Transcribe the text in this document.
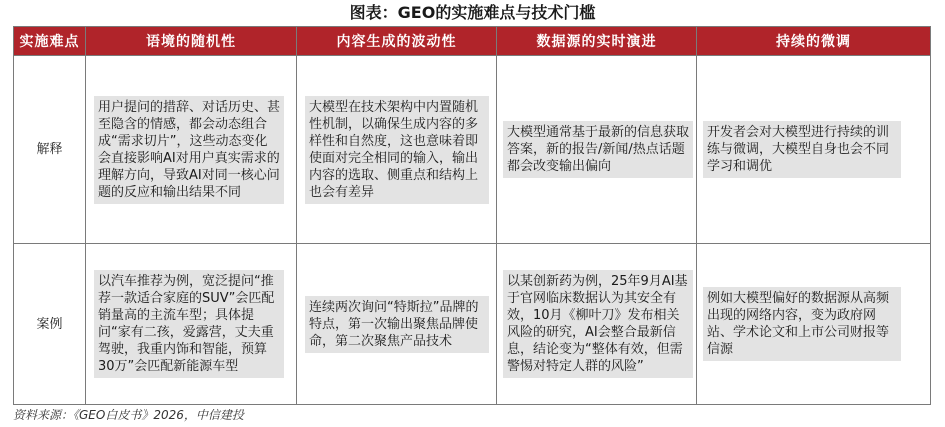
图表：GEO的实施难点与技术门槛
实施难点	语境的随机性	内容生成的波动性	数据源的实时演进	持续的微调
解释	用户提问的措辞、对话历史、甚至隐含的情感，都会动态组合成“需求切片”，这些动态变化会直接影响AI对用户真实需求的理解方向，导致AI对同一核心问题的反应和输出结果不同	大模型在技术架构中内置随机性机制，以确保生成内容的多样性和自然度，这也意味着即使面对完全相同的输入，输出内容的选取、侧重点和结构上也会有差异	大模型通常基于最新的信息获取答案，新的报告/新闻/热点话题都会改变输出偏向	开发者会对大模型进行持续的训练与微调，大模型自身也会不同学习和调优
案例	以汽车推荐为例，宽泛提问“推荐一款适合家庭的SUV”会匹配销量高的主流车型；具体提问“家有二孩，爱露营，丈夫重驾驶，我重内饰和智能，预算30万”会匹配新能源车型	连续两次询问“特斯拉”品牌的特点，第一次输出聚焦品牌使命，第二次聚焦产品技术	以某创新药为例，25年9月AI基于官网临床数据认为其安全有效，10月《柳叶刀》发布相关风险的研究，AI会整合最新信息，结论变为“整体有效，但需警惕对特定人群的风险”	例如大模型偏好的数据源从高频出现的网络内容，变为政府网站、学术论文和上市公司财报等信源
资料来源：《GEO白皮书》2026，中信建投
